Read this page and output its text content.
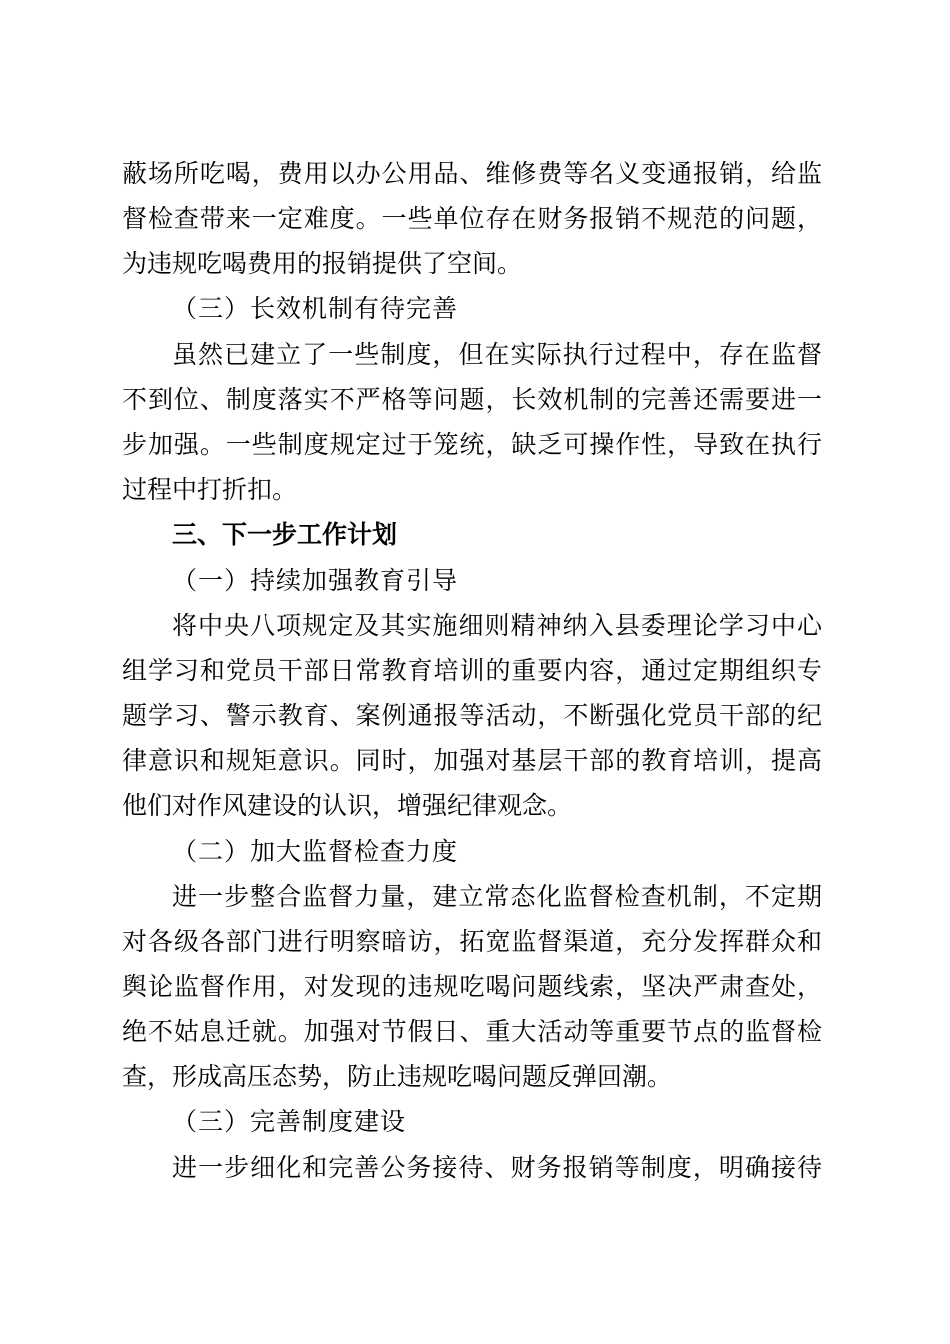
蔽场所吃喝，费用以办公用品、维修费等名义变通报销，给监
督检查带来一定难度。一些单位存在财务报销不规范的问题，
为违规吃喝费用的报销提供了空间。
（三）长效机制有待完善
虽然已建立了一些制度，但在实际执行过程中，存在监督
不到位、制度落实不严格等问题，长效机制的完善还需要进一
步加强。一些制度规定过于笼统，缺乏可操作性，导致在执行
过程中打折扣。
三、下一步工作计划
（一）持续加强教育引导
将中央八项规定及其实施细则精神纳入县委理论学习中心
组学习和党员干部日常教育培训的重要内容，通过定期组织专
题学习、警示教育、案例通报等活动，不断强化党员干部的纪
律意识和规矩意识。同时，加强对基层干部的教育培训，提高
他们对作风建设的认识，增强纪律观念。
（二）加大监督检查力度
进一步整合监督力量，建立常态化监督检查机制，不定期
对各级各部门进行明察暗访，拓宽监督渠道，充分发挥群众和
舆论监督作用，对发现的违规吃喝问题线索，坚决严肃查处，
绝不姑息迁就。加强对节假日、重大活动等重要节点的监督检
查，形成高压态势，防止违规吃喝问题反弹回潮。
（三）完善制度建设
进一步细化和完善公务接待、财务报销等制度，明确接待
